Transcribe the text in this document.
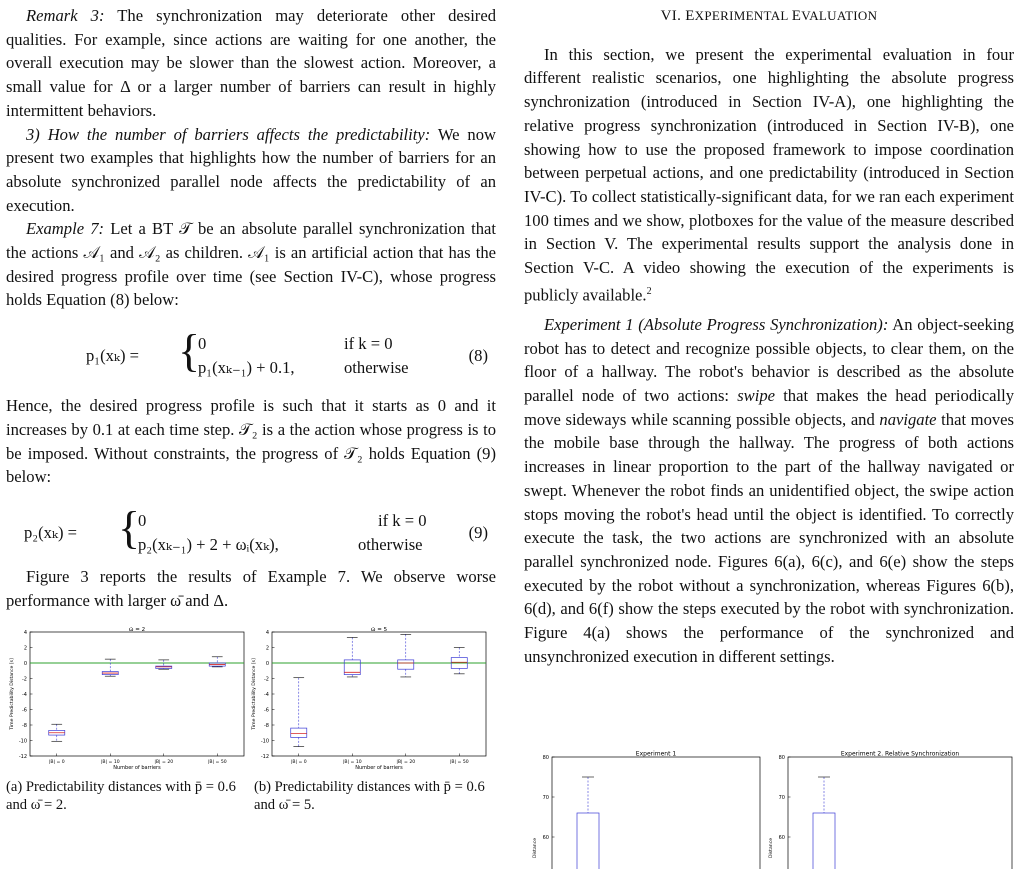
Remark 3: The synchronization may deteriorate other desired qualities. For example, since actions are waiting for one another, the overall execution may be slower than the slowest action. Moreover, a small value for Δ or a larger number of barriers can result in highly intermittent behaviors.

3) How the number of barriers affects the predictability: We now present two examples that highlights how the number of barriers for an absolute synchronized parallel node affects the predictability of an execution.

Example 7: Let a BT 𝒯 be an absolute parallel synchronization that the actions 𝒜₁ and 𝒜₂ as children. 𝒜₁ is an artificial action that has the desired progress profile over time (see Section IV-C), whose progress holds Equation (8) below:

p₁(xₖ) = {
0	if k = 0
p₁(xₖ₋₁) + 0.1,	otherwise
(8)

Hence, the desired progress profile is such that it starts as 0 and it increases by 0.1 at each time step. 𝒯₂ is a the action whose progress is to be imposed. Without constraints, the progress of 𝒯₂ holds Equation (9) below:

p₂(xₖ) = {
0	if k = 0
p₂(xₖ₋₁) + 2 + ωᵢ(xₖ),	otherwise
(9)

Figure 3 reports the results of Example 7. We observe worse performance with larger ω̄ and Δ.

ω̄ = 2
-12
-10
-8
-6
-4
-2
0
2
4
|B| = 0	|B| = 10	|B| = 20	|B| = 50
Number of barriers
Time Predictability Distance [s]
ω̄ = 5
-12
-10
-8
-6
-4
-2
0
2
4
|B| = 0	|B| = 10	|B| = 20	|B| = 50
Number of barriers
Time Predictability Distance [s]
(a) Predictability distances with p̄ = 0.6 and ω̄ = 2.
(b) Predictability distances with p̄ = 0.6 and ω̄ = 5.
VI. EXPERIMENTAL EVALUATION

In this section, we present the experimental evaluation in four different realistic scenarios, one highlighting the absolute progress synchronization (introduced in Section IV-A), one highlighting the relative progress synchronization (introduced in Section IV-B), one showing how to use the proposed framework to impose coordination between perpetual actions, and one predictability (introduced in Section IV-C). To collect statistically-significant data, for we ran each experiment 100 times and we show, plotboxes for the value of the measure described in Section V. The experimental results support the analysis done in Section V-C. A video showing the execution of the experiments is publicly available.$^2$

Experiment 1 (Absolute Progress Synchronization): An object-seeking robot has to detect and recognize possible objects, to clear them, on the floor of a hallway. The robot's behavior is described as the absolute parallel node of two actions: swipe that makes the head periodically move sideways while scanning possible objects, and navigate that moves the mobile base through the hallway. The progress of both actions increases in linear proportion to the part of the hallway navigated or swept. Whenever the robot finds an unidentified object, the swipe action stops moving the robot's head until the object is identified. To correctly execute the task, the two actions are synchronized with an absolute parallel synchronized node. Figures 6(a), 6(c), and 6(e) show the steps executed by the robot without a synchronization, whereas Figures 6(b), 6(d), and 6(f) show the steps executed by the robot with synchronization. Figure 4(a) shows the performance of the synchronized and unsynchronized execution in different settings.

Experiment 1
60
70
80
Distance
Experiment 2. Relative Synchronization
60
70
80
Distance
